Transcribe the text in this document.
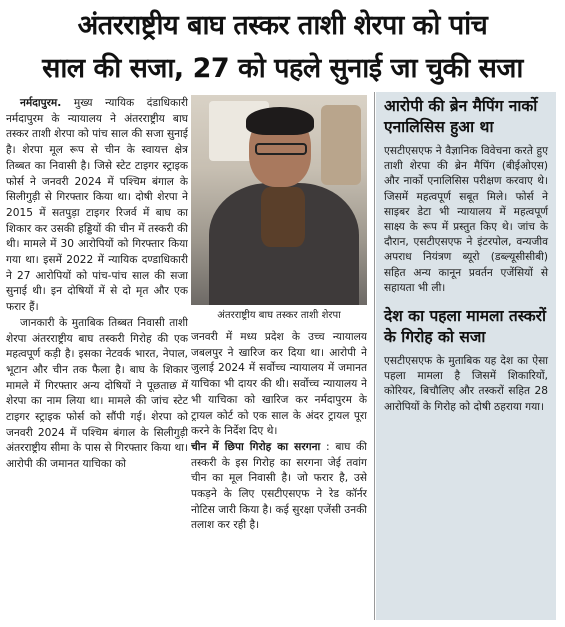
अंतरराष्ट्रीय बाघ तस्कर ताशी शेरपा को पांच
साल की सजा, 27 को पहले सुनाई जा चुकी सजा

नर्मदापुरम. मुख्य न्यायिक दंडाधिकारी नर्मदापुरम के न्यायालय ने अंतरराष्ट्रीय बाघ तस्कर ताशी शेरपा को पांच साल की सजा सुनाई है। शेरपा मूल रूप से चीन के स्वायत्त क्षेत्र तिब्बत का निवासी है। जिसे स्टेट टाइगर स्ट्राइक फोर्स ने जनवरी 2024 में पश्चिम बंगाल के सिलीगुड़ी से गिरफ्तार किया था। दोषी शेरपा ने 2015 में सतपुड़ा टाइगर रिजर्व में बाघ का शिकार कर उसकी हड्डियों की चीन में तस्करी की थी। मामले में 30 आरोपियों को गिरफ्तार किया गया था। इसमें 2022 में न्यायिक दण्डाधिकारी ने 27 आरोपियों को पांच-पांच साल की सजा सुनाई थी। इन दोषियों में से दो मृत और एक फरार हैं।

जानकारी के मुताबिक तिब्बत निवासी ताशी शेरपा अंतरराष्ट्रीय बाघ तस्करी गिरोह की एक महत्वपूर्ण कड़ी है। इसका नेटवर्क भारत, नेपाल, भूटान और चीन तक फैला है। बाघ के शिकार मामले में गिरफ्तार अन्य दोषियों ने पूछताछ में शेरपा का नाम लिया था। मामले की जांच स्टेट टाइगर स्ट्राइक फोर्स को सौंपी गई। शेरपा को जनवरी 2024 में पश्चिम बंगाल के सिलीगुड़ी अंतरराष्ट्रीय सीमा के पास से गिरफ्तार किया था। आरोपी की जमानत याचिका को

अंतरराष्ट्रीय बाघ तस्कर ताशी शेरपा

जनवरी में मध्य प्रदेश के उच्च न्यायालय जबलपुर ने खारिज कर दिया था। आरोपी ने जुलाई 2024 में सर्वोच्च न्यायालय में जमानत याचिका भी दायर की थी। सर्वोच्च न्यायालय ने भी याचिका को खारिज कर नर्मदापुरम के ट्रायल कोर्ट को एक साल के अंदर ट्रायल पूरा करने के निर्देश दिए थे।

चीन में छिपा गिरोह का सरगना : बाघ की तस्करी के इस गिरोह का सरगना जेई तवांग चीन का मूल निवासी है। जो फरार है, उसे पकड़ने के लिए एसटीएसएफ ने रेड कॉर्नर नोटिस जारी किया है। कई सुरक्षा एजेंसी उनकी तलाश कर रही है।

आरोपी की ब्रेन मैपिंग नार्को एनालिसिस हुआ था

एसटीएसएफ ने वैज्ञानिक विवेचना करते हुए ताशी शेरपा की ब्रेन मैपिंग (बीईओएस) और नार्को एनालिसिस परीक्षण करवाए थे। जिसमें महत्वपूर्ण सबूत मिले। फोर्स ने साइबर डेटा भी न्यायालय में महत्वपूर्ण साक्ष्य के रूप में प्रस्तुत किए थे। जांच के दौरान, एसटीएसएफ ने इंटरपोल, वन्यजीव अपराध नियंत्रण ब्यूरो (डब्ल्यूसीसीबी) सहित अन्य कानून प्रवर्तन एजेंसियों से सहायता भी ली।

देश का पहला मामला तस्करों के गिरोह को सजा

एसटीएसएफ के मुताबिक यह देश का ऐसा पहला मामला है जिसमें शिकारियों, कोरियर, बिचौलिए और तस्करों सहित 28 आरोपियों के गिरोह को दोषी ठहराया गया।
